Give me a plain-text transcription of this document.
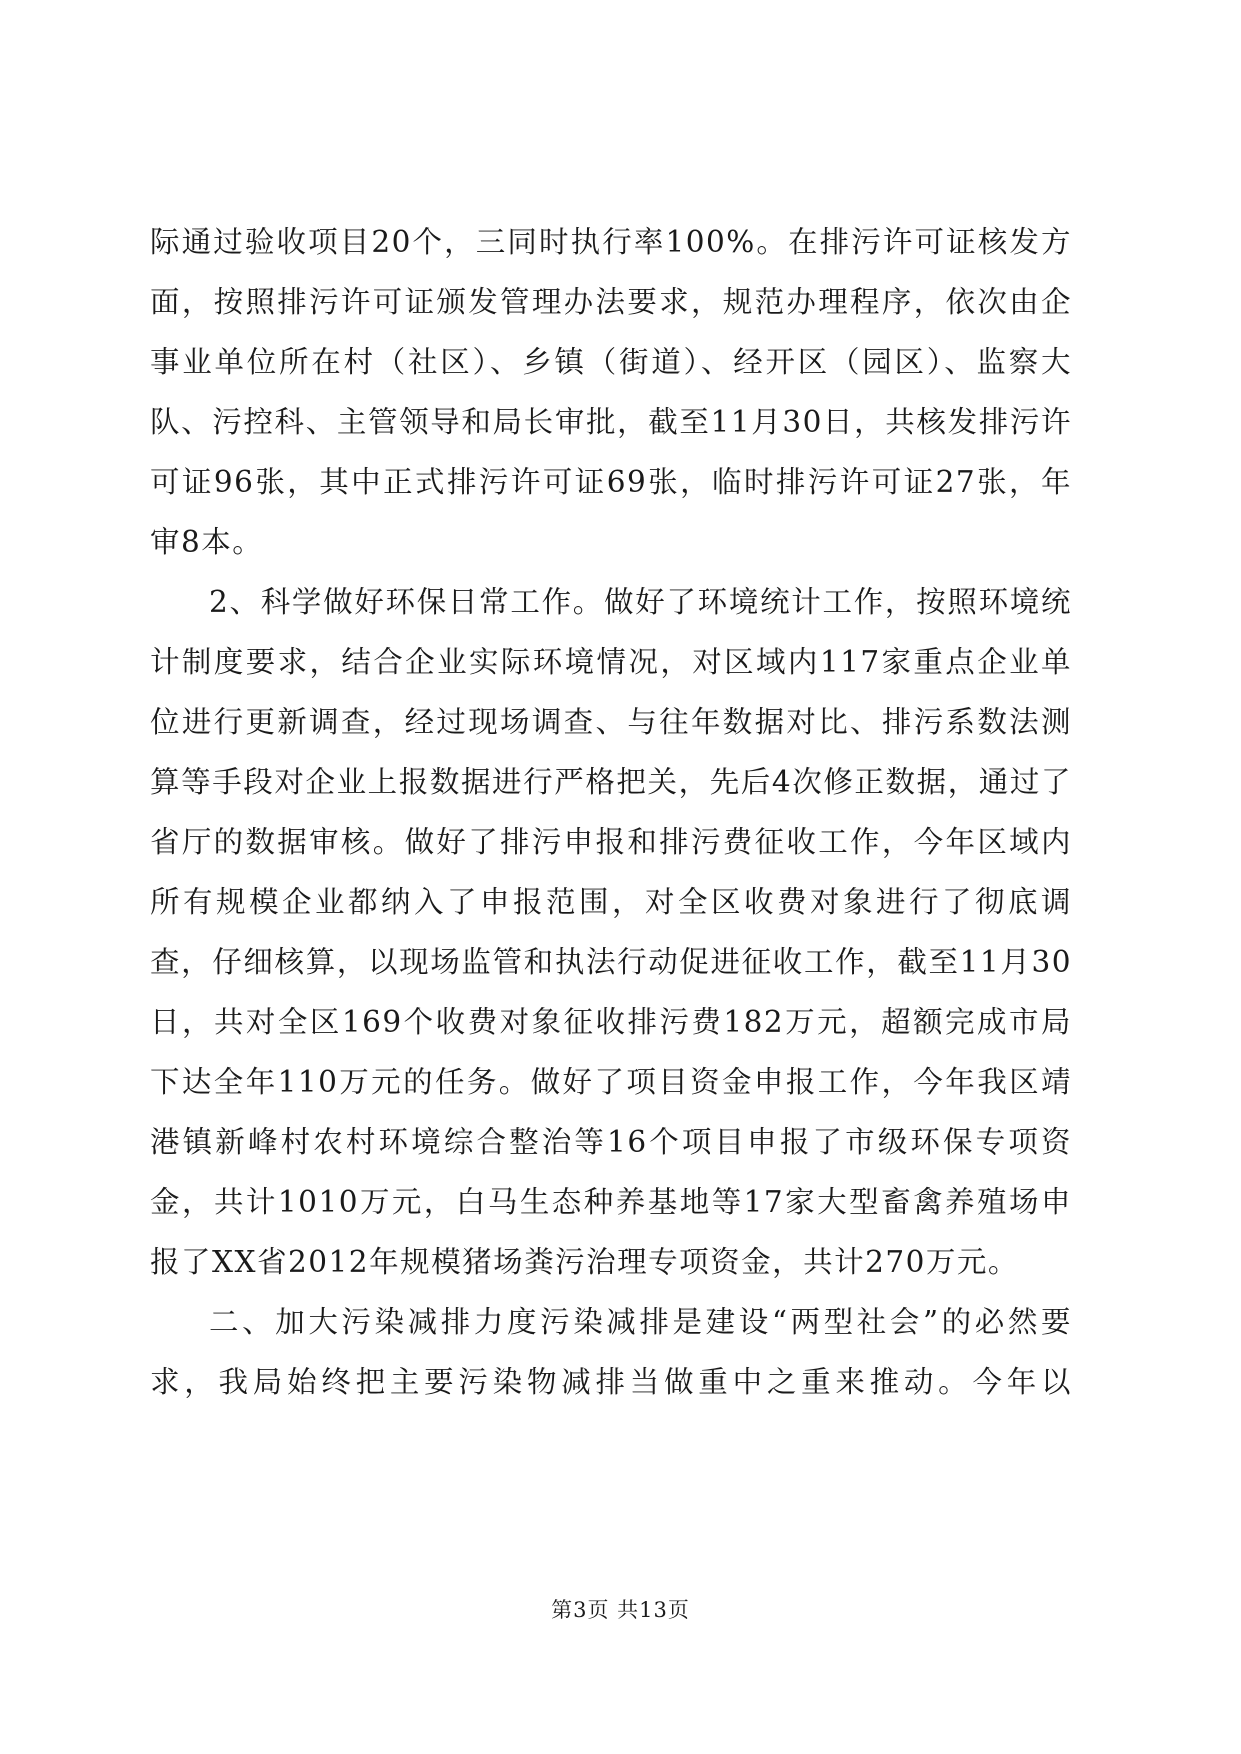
际通过验收项目20个，三同时执行率100%。在排污许可证核发方面，按照排污许可证颁发管理办法要求，规范办理程序，依次由企事业单位所在村（社区）、乡镇（街道）、经开区（园区）、监察大队、污控科、主管领导和局长审批，截至11月30日，共核发排污许可证96张，其中正式排污许可证69张，临时排污许可证27张，年审8本。

2、科学做好环保日常工作。做好了环境统计工作，按照环境统计制度要求，结合企业实际环境情况，对区域内117家重点企业单位进行更新调查，经过现场调查、与往年数据对比、排污系数法测算等手段对企业上报数据进行严格把关，先后4次修正数据，通过了省厅的数据审核。做好了排污申报和排污费征收工作，今年区域内所有规模企业都纳入了申报范围，对全区收费对象进行了彻底调查，仔细核算，以现场监管和执法行动促进征收工作，截至11月30日，共对全区169个收费对象征收排污费182万元，超额完成市局下达全年110万元的任务。做好了项目资金申报工作，今年我区靖港镇新峰村农村环境综合整治等16个项目申报了市级环保专项资金，共计1010万元，白马生态种养基地等17家大型畜禽养殖场申报了XX省2012年规模猪场粪污治理专项资金，共计270万元。

二、加大污染减排力度污染减排是建设“两型社会”的必然要求，我局始终把主要污染物减排当做重中之重来推动。今年以

第3页 共13页
